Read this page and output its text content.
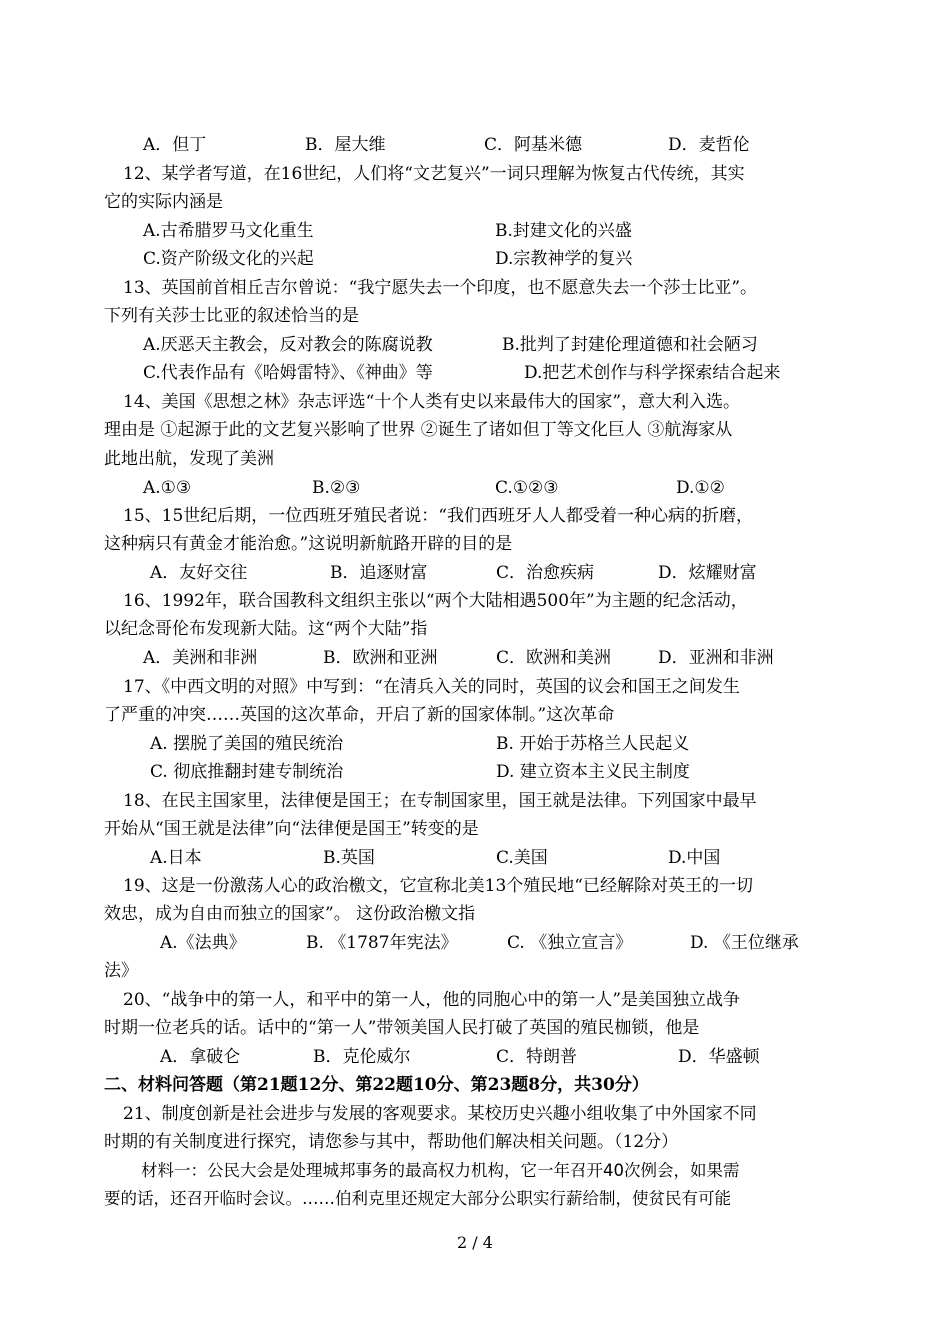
A．但丁	B．屋大维	C．阿基米德	D．麦哲伦
12、某学者写道，在16世纪，人们将“文艺复兴”一词只理解为恢复古代传统，其实
它的实际内涵是
A.古希腊罗马文化重生	B.封建文化的兴盛
C.资产阶级文化的兴起	D.宗教神学的复兴
13、英国前首相丘吉尔曾说：“我宁愿失去一个印度，也不愿意失去一个莎士比亚”。
下列有关莎士比亚的叙述恰当的是
A.厌恶天主教会，反对教会的陈腐说教	B.批判了封建伦理道德和社会陋习
C.代表作品有《哈姆雷特》、《神曲》等	D.把艺术创作与科学探索结合起来
14、美国《思想之林》杂志评选“十个人类有史以来最伟大的国家”，意大利入选。
理由是 ①起源于此的文艺复兴影响了世界 ②诞生了诸如但丁等文化巨人 ③航海家从
此地出航，发现了美洲
A.①③	B.②③	C.①②③	D.①②
15、15世纪后期，一位西班牙殖民者说：“我们西班牙人人都受着一种心病的折磨，
这种病只有黄金才能治愈。”这说明新航路开辟的目的是
A．友好交往	B．追逐财富	C．治愈疾病	D．炫耀财富
16、1992年，联合国教科文组织主张以“两个大陆相遇500年”为主题的纪念活动，
以纪念哥伦布发现新大陆。这“两个大陆”指
A．美洲和非洲	B．欧洲和亚洲	C．欧洲和美洲	D．亚洲和非洲
17、《中西文明的对照》中写到：“在清兵入关的同时，英国的议会和国王之间发生
了严重的冲突……英国的这次革命，开启了新的国家体制。”这次革命
A. 摆脱了美国的殖民统治	B. 开始于苏格兰人民起义
C. 彻底推翻封建专制统治	D. 建立资本主义民主制度
18、在民主国家里，法律便是国王；在专制国家里，国王就是法律。下列国家中最早
开始从“国王就是法律”向“法律便是国王”转变的是
A.日本	B.英国	C.美国	D.中国
19、这是一份激荡人心的政治檄文，它宣称北美13个殖民地“已经解除对英王的一切
效忠，成为自由而独立的国家”。 这份政治檄文指
A.《法典》	B. 《1787年宪法》	C. 《独立宣言》	D. 《王位继承
法》
20、“战争中的第一人，和平中的第一人，他的同胞心中的第一人”是美国独立战争
时期一位老兵的话。话中的“第一人”带领美国人民打破了英国的殖民枷锁，他是
A．拿破仑	B．克伦威尔	C．特朗普	D．华盛顿
二、材料问答题（第21题12分、第22题10分、第23题8分，共30分）
21、制度创新是社会进步与发展的客观要求。某校历史兴趣小组收集了中外国家不同
时期的有关制度进行探究，请您参与其中，帮助他们解决相关问题。（12分）
材料一：公民大会是处理城邦事务的最高权力机构，它一年召开40次例会，如果需
要的话，还召开临时会议。……伯利克里还规定大部分公职实行薪给制，使贫民有可能
2 / 4
